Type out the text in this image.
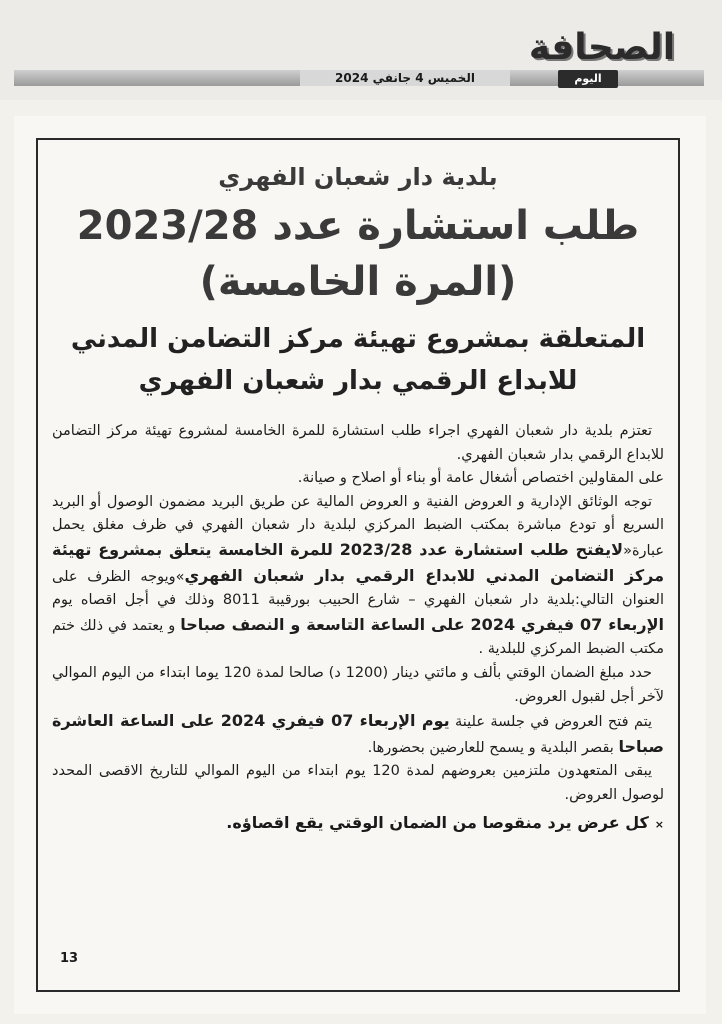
الخميس 4 جانفي 2024
الصحافة
اليوم
بلدية دار شعبان الفهري
طلب استشارة عدد 2023/28
(المرة الخامسة)
المتعلقة بمشروع تهيئة مركز التضامن المدني للابداع الرقمي بدار شعبان الفهري

تعتزم بلدية دار شعبان الفهري اجراء طلب استشارة للمرة الخامسة لمشروع تهيئة مركز التضامن للابداع الرقمي بدار شعبان الفهري.

على المقاولين اختصاص أشغال عامة أو بناء أو اصلاح و صيانة.

توجه الوثائق الإدارية و العروض الفنية و العروض المالية عن طريق البريد مضمون الوصول أو البريد السريع أو تودع مباشرة بمكتب الضبط المركزي لبلدية دار شعبان الفهري في ظرف مغلق يحمل عبارة«لايفتح طلب استشارة عدد 2023/28 للمرة الخامسة يتعلق بمشروع تهيئة مركز التضامن المدني للابداع الرقمي بدار شعبان الفهري»ويوجه الظرف على العنوان التالي:بلدية دار شعبان الفهري – شارع الحبيب بورقيبة 8011 وذلك في أجل اقصاه يوم الإربعاء 07 فيفري 2024 على الساعة التاسعة و النصف صباحا و يعتمد في ذلك ختم مكتب الضبط المركزي للبلدية .

حدد مبلغ الضمان الوقتي بألف و مائتي دينار (1200 د) صالحا لمدة 120 يوما ابتداء من اليوم الموالي لآخر أجل لقبول العروض.

يتم فتح العروض في جلسة علينة يوم الإربعاء 07 فيفري 2024 على الساعة العاشرة صباحا بقصر البلدية و يسمح للعارضين بحضورها.

يبقى المتعهدون ملتزمين بعروضهم لمدة 120 يوم ابتداء من اليوم الموالي للتاريخ الاقصى المحدد لوصول العروض.

×كل عرض يرد منقوصا من الضمان الوقتي يقع اقصاؤه.
13
